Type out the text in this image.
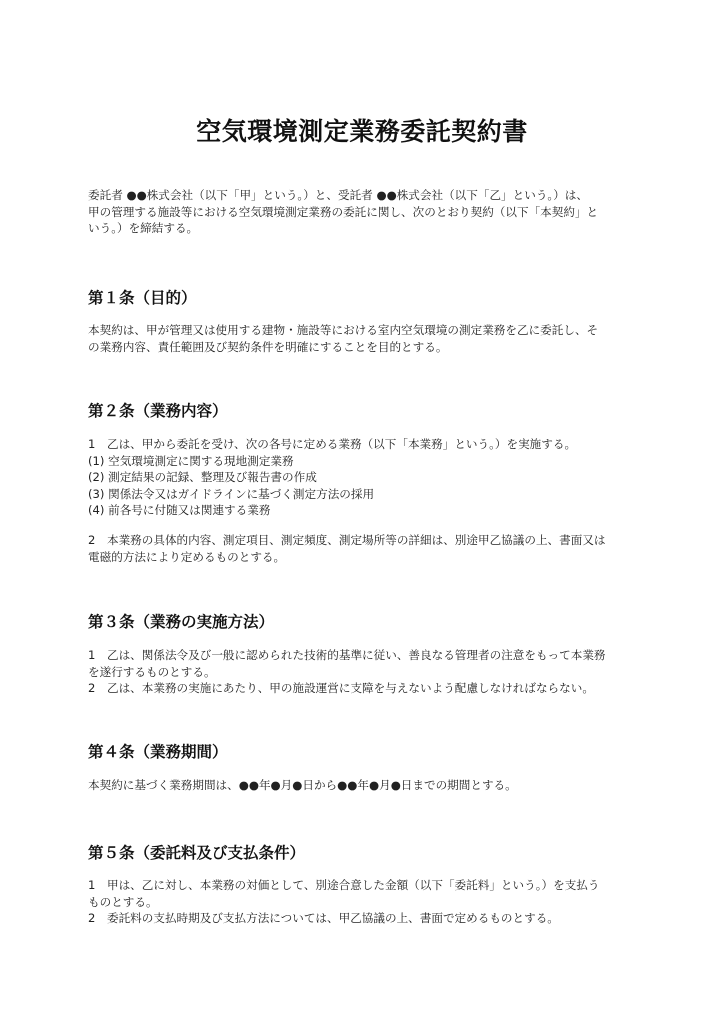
空気環境測定業務委託契約書
委託者 ●●株式会社（以下「甲」という。）と、受託者 ●●株式会社（以下「乙」という。）は、
甲の管理する施設等における空気環境測定業務の委託に関し、次のとおり契約（以下「本契約」と
いう。）を締結する。
第１条（目的）
本契約は、甲が管理又は使用する建物・施設等における室内空気環境の測定業務を乙に委託し、そ
の業務内容、責任範囲及び契約条件を明確にすることを目的とする。
第２条（業務内容）
1　乙は、甲から委託を受け、次の各号に定める業務（以下「本業務」という。）を実施する。
(1) 空気環境測定に関する現地測定業務
(2) 測定結果の記録、整理及び報告書の作成
(3) 関係法令又はガイドラインに基づく測定方法の採用
(4) 前各号に付随又は関連する業務
2　本業務の具体的内容、測定項目、測定頻度、測定場所等の詳細は、別途甲乙協議の上、書面又は
電磁的方法により定めるものとする。
第３条（業務の実施方法）
1　乙は、関係法令及び一般に認められた技術的基準に従い、善良なる管理者の注意をもって本業務
を遂行するものとする。
2　乙は、本業務の実施にあたり、甲の施設運営に支障を与えないよう配慮しなければならない。
第４条（業務期間）
本契約に基づく業務期間は、●●年●月●日から●●年●月●日までの期間とする。
第５条（委託料及び支払条件）
1　甲は、乙に対し、本業務の対価として、別途合意した金額（以下「委託料」という。）を支払う
ものとする。
2　委託料の支払時期及び支払方法については、甲乙協議の上、書面で定めるものとする。
